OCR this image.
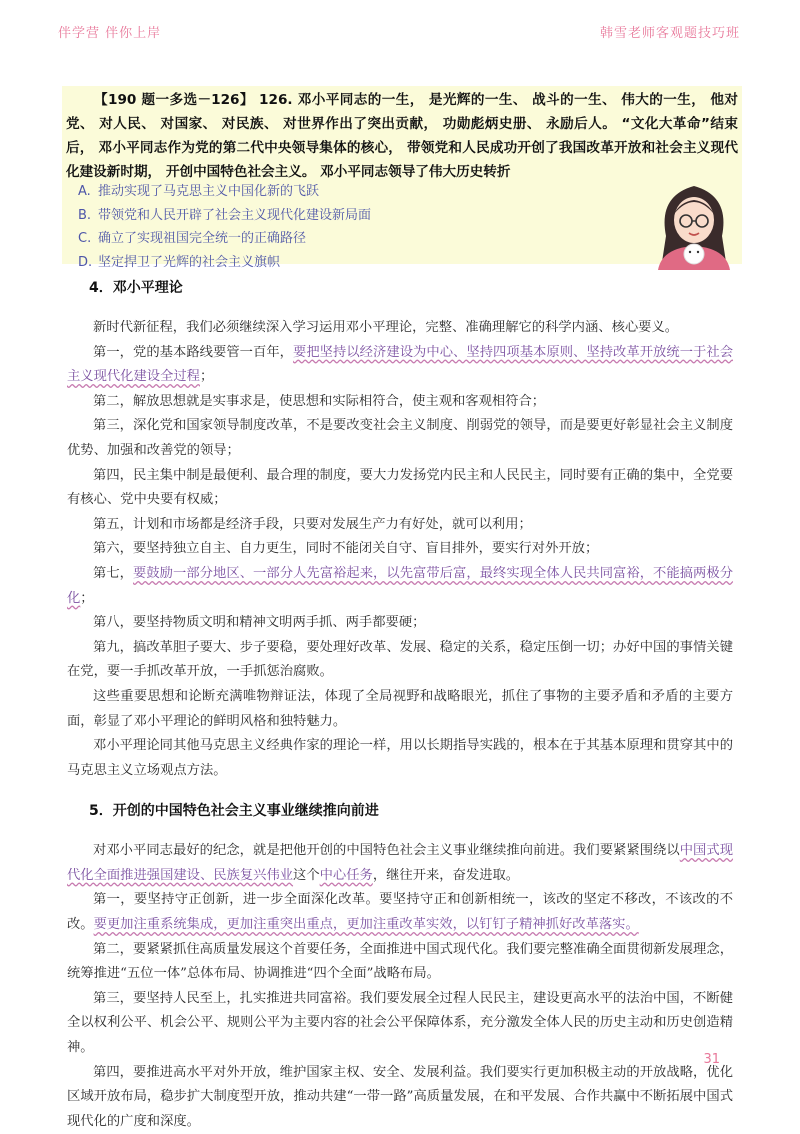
伴学营 伴你上岸	韩雪老师客观题技巧班

【190 题一多选－126】 126. 邓小平同志的一生， 是光辉的一生、 战斗的一生、 伟大的一生， 他对党、 对人民、 对国家、 对民族、 对世界作出了突出贡献， 功勋彪炳史册、 永励后人。 “文化大革命”结束后， 邓小平同志作为党的第二代中央领导集体的核心， 带领党和人民成功开创了我国改革开放和社会主义现代化建设新时期， 开创中国特色社会主义。 邓小平同志领导了伟大历史转折

A. 推动实现了马克思主义中国化新的飞跃
B. 带领党和人民开辟了社会主义现代化建设新局面
C. 确立了实现祖国完全统一的正确路径
D. 坚定捍卫了光辉的社会主义旗帜
4．邓小平理论

新时代新征程，我们必须继续深入学习运用邓小平理论，完整、准确理解它的科学内涵、核心要义。

第一，党的基本路线要管一百年，要把坚持以经济建设为中心、坚持四项基本原则、坚持改革开放统一于社会主义现代化建设全过程；

第二，解放思想就是实事求是，使思想和实际相符合，使主观和客观相符合；

第三，深化党和国家领导制度改革，不是要改变社会主义制度、削弱党的领导，而是要更好彰显社会主义制度优势、加强和改善党的领导；

第四，民主集中制是最便利、最合理的制度，要大力发扬党内民主和人民民主，同时要有正确的集中，全党要有核心、党中央要有权威；

第五，计划和市场都是经济手段，只要对发展生产力有好处，就可以利用；

第六，要坚持独立自主、自力更生，同时不能闭关自守、盲目排外，要实行对外开放；

第七，要鼓励一部分地区、一部分人先富裕起来，以先富带后富，最终实现全体人民共同富裕，不能搞两极分化；

第八，要坚持物质文明和精神文明两手抓、两手都要硬；

第九，搞改革胆子要大、步子要稳，要处理好改革、发展、稳定的关系，稳定压倒一切；办好中国的事情关键在党，要一手抓改革开放，一手抓惩治腐败。

这些重要思想和论断充满唯物辩证法，体现了全局视野和战略眼光，抓住了事物的主要矛盾和矛盾的主要方面，彰显了邓小平理论的鲜明风格和独特魅力。

邓小平理论同其他马克思主义经典作家的理论一样，用以长期指导实践的，根本在于其基本原理和贯穿其中的马克思主义立场观点方法。

5．开创的中国特色社会主义事业继续推向前进

对邓小平同志最好的纪念，就是把他开创的中国特色社会主义事业继续推向前进。我们要紧紧围绕以中国式现代化全面推进强国建设、民族复兴伟业这个中心任务，继往开来，奋发进取。

第一，要坚持守正创新，进一步全面深化改革。要坚持守正和创新相统一，该改的坚定不移改，不该改的不改。要更加注重系统集成，更加注重突出重点，更加注重改革实效，以钉钉子精神抓好改革落实。

第二，要紧紧抓住高质量发展这个首要任务，全面推进中国式现代化。我们要完整准确全面贯彻新发展理念，统筹推进“五位一体”总体布局、协调推进“四个全面”战略布局。

第三，要坚持人民至上，扎实推进共同富裕。我们要发展全过程人民民主，建设更高水平的法治中国，不断健全以权利公平、机会公平、规则公平为主要内容的社会公平保障体系，充分激发全体人民的历史主动和历史创造精神。

第四，要推进高水平对外开放，维护国家主权、安全、发展利益。我们要实行更加积极主动的开放战略，优化区域开放布局，稳步扩大制度型开放，推动共建“一带一路”高质量发展，在和平发展、合作共赢中不断拓展中国式现代化的广度和深度。

31
